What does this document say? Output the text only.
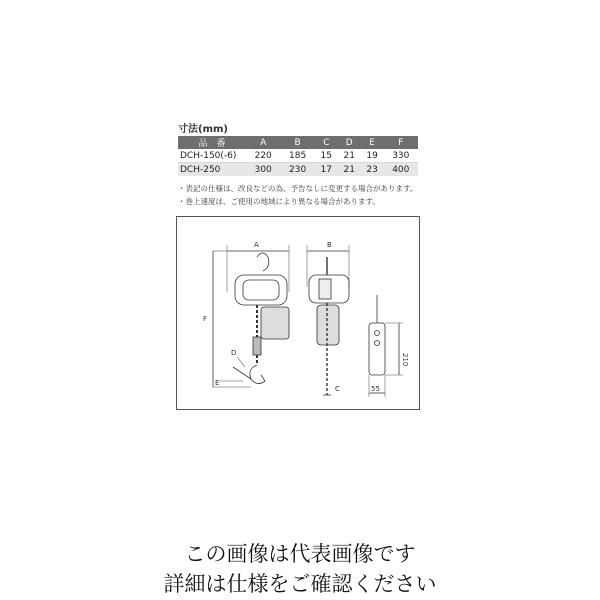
寸法(mm)
品　番	A	B	C	D	E	F
DCH-150(-6)	220	185	15	21	19	330
DCH-250	300	230	17	21	23	400
・表記の仕様は、改良などの為、予告なしに変更する場合があります。
・巻上速度は、ご使用の地域により異なる場合があります。
A
F
D
E
B
C
210
55
この画像は代表画像です
詳細は仕様をご確認ください
